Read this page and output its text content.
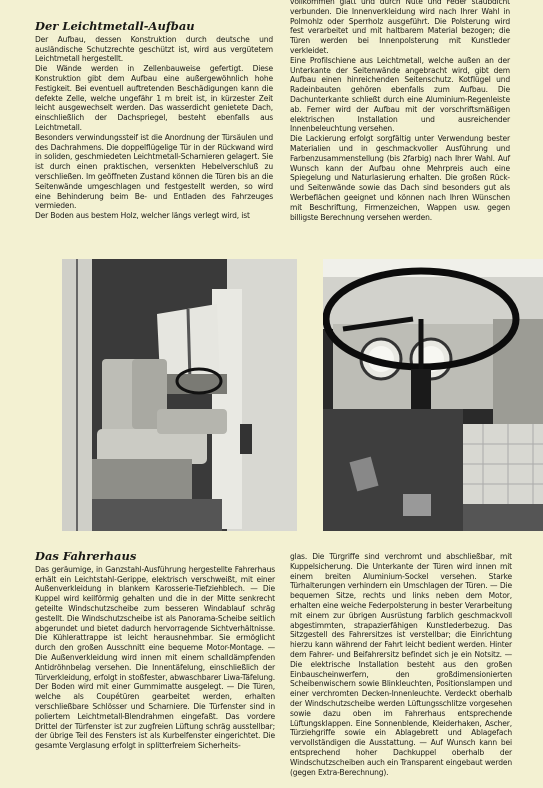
Der Leichtmetall-Aufbau

Der Aufbau, dessen Konstruktion durch deutsche und ausländische Schutzrechte geschützt ist, wird aus vergütetem Leichtmetall hergestellt.

Die Wände werden in Zellenbauweise gefertigt. Diese Konstruktion gibt dem Aufbau eine außergewöhnlich hohe Festigkeit. Bei eventuell auftretenden Beschädigungen kann die defekte Zelle, welche ungefähr 1 m breit ist, in kürzester Zeit leicht ausgewechselt werden. Das wasserdicht genietete Dach, einschließlich der Dachspriegel, besteht ebenfalls aus Leichtmetall.

Besonders verwindungssteif ist die Anordnung der Türsäulen und des Dachrahmens. Die doppelflügelige Tür in der Rückwand wird in soliden, geschmiedeten Leichtmetall-Scharnieren gelagert. Sie ist durch einen praktischen, versenkten Hebelverschluß zu verschließen. Im geöffneten Zustand können die Türen bis an die Seitenwände umgeschlagen und festgestellt werden, so wird eine Behinderung beim Be- und Entladen des Fahrzeuges vermieden.

Der Boden aus bestem Holz, welcher längs verlegt wird, ist

vollkommen glatt und durch Nute und Feder staubdicht verbunden. Die Innenverkleidung wird nach Ihrer Wahl in Polmohlz oder Sperrholz ausgeführt. Die Polsterung wird fest verarbeitet und mit haltbarem Material bezogen; die Türen werden bei Innenpolsterung mit Kunstleder verkleidet.

Eine Profilschiene aus Leichtmetall, welche außen an der Unterkante der Seitenwände angebracht wird, gibt dem Aufbau einen hinreichenden Seitenschutz. Kotflügel und Radeinbauten gehören ebenfalls zum Aufbau. Die Dachunterkante schließt durch eine Aluminium-Regenleiste ab. Ferner wird der Aufbau mit der vorschriftsmäßigen elektrischen Installation und ausreichender Innenbeleuchtung versehen.

Die Lackierung erfolgt sorgfältig unter Verwendung bester Materialien und in geschmackvoller Ausführung und Farbenzusammenstellung (bis 2farbig) nach Ihrer Wahl. Auf Wunsch kann der Aufbau ohne Mehrpreis auch eine Spiegelung und Naturlasierung erhalten. Die großen Rück- und Seitenwände sowie das Dach sind besonders gut als Werbeflächen geeignet und können nach Ihren Wünschen mit Beschriftung, Firmenzeichen, Wappen usw. gegen billigste Berechnung versehen werden.

Das Fahrerhaus

Das geräumige, in Ganzstahl-Ausführung hergestellte Fahrerhaus erhält ein Leichtstahl-Gerippe, elektrisch verschweißt, mit einer Außenverkleidung in blankem Karosserie-Tiefziehblech. — Die Kuppel wird keilförmig gehalten und die in der Mitte senkrecht geteilte Windschutzscheibe zum besseren Windablauf schräg gestellt. Die Windschutzscheibe ist als Panorama-Scheibe seitlich abgerundet und bietet dadurch hervorragende Sichtverhältnisse. Die Kühlerattrappe ist leicht herausnehmbar. Sie ermöglicht durch den großen Ausschnitt eine bequeme Motor-Montage. — Die Außenverkleidung wird innen mit einem schalldämpfenden Antidröhnbelag versehen. Die Innentäfelung, einschließlich der Türverkleidung, erfolgt in stoßfester, abwaschbarer Liwa-Täfelung. Der Boden wird mit einer Gummimatte ausgelegt. — Die Türen, welche als Coupétüren gearbeitet werden, erhalten verschließbare Schlösser und Scharniere. Die Türfenster sind in poliertem Leichtmetall-Blendrahmen eingefaßt. Das vordere Drittel der Türfenster ist zur zugfreien Lüftung schräg ausstellbar; der übrige Teil des Fensters ist als Kurbelfenster eingerichtet. Die gesamte Verglasung erfolgt in splitterfreiem Sicherheits-

glas. Die Türgriffe sind verchromt und abschließbar, mit Kuppelsicherung. Die Unterkante der Türen wird innen mit einem breiten Aluminium-Sockel versehen. Starke Türhalterungen verhindern ein Umschlagen der Türen. — Die bequemen Sitze, rechts und links neben dem Motor, erhalten eine weiche Federpolsterung in bester Verarbeitung mit einem zur übrigen Ausrüstung farblich geschmackvoll abgestimmten, strapazierfähigen Kunstlederbezug. Das Sitzgestell des Fahrersitzes ist verstellbar; die Einrichtung hierzu kann während der Fahrt leicht bedient werden. Hinter dem Fahrer- und Beifahrersitz befindet sich je ein Notsitz. — Die elektrische Installation besteht aus den großen Einbauscheinwerfern, den großdimensionierten Scheibenwischern sowie Blinkleuchten, Positionslampen und einer verchromten Decken-Innenleuchte. Verdeckt oberhalb der Windschutzscheibe werden Lüftungsschlitze vorgesehen sowie dazu oben im Fahrerhaus entsprechende Lüftungsklappen. Eine Sonnenblende, Kleiderhaken, Ascher, Türziehgriffe sowie ein Ablagebrett und Ablagefach vervollständigen die Ausstattung. — Auf Wunsch kann bei entsprechend hoher Dachkuppel oberhalb der Windschutzscheiben auch ein Transparent eingebaut werden (gegen Extra-Berechnung).
